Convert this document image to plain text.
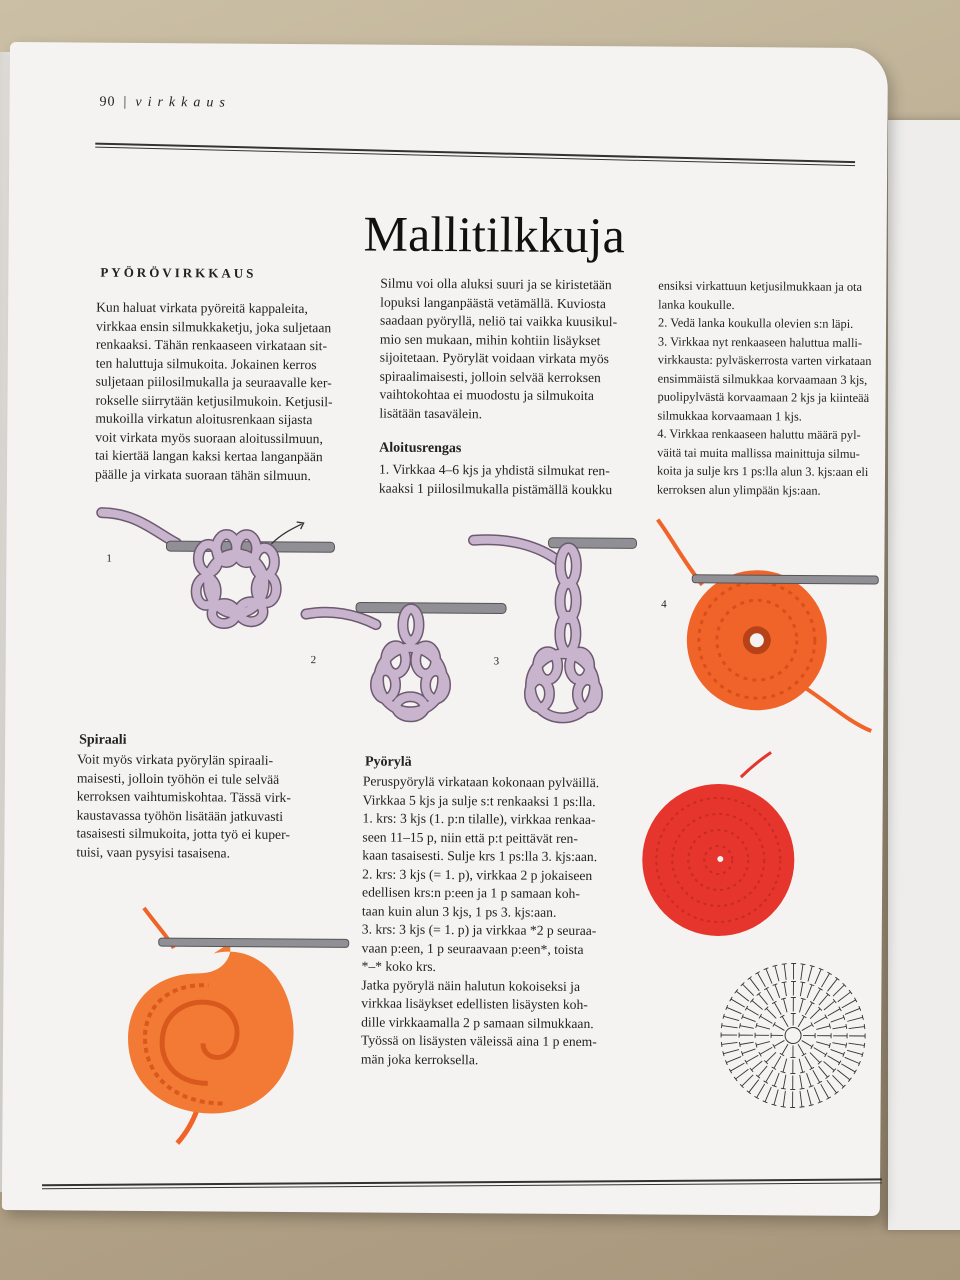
90 | virkkaus
Mallitilkkuja
PYÖRÖVIRKKAUS

Kun haluat virkata pyöreitä kappaleita,

virkkaa ensin silmukkaketju, joka suljetaan

renkaaksi. Tähän renkaaseen virkataan sit-

ten haluttuja silmukoita. Jokainen kerros

suljetaan piilosilmukalla ja seuraavalle ker-

rokselle siirrytään ketjusilmukoin. Ketjusil-

mukoilla virkatun aloitusrenkaan sijasta

voit virkata myös suoraan aloitussilmuun,

tai kiertää langan kaksi kertaa langanpään

päälle ja virkata suoraan tähän silmuun.

Silmu voi olla aluksi suuri ja se kiristetään

lopuksi langanpäästä vetämällä. Kuviosta

saadaan pyöryllä, neliö tai vaikka kuusikul-

mio sen mukaan, mihin kohtiin lisäykset

sijoitetaan. Pyörylät voidaan virkata myös

spiraalimaisesti, jolloin selvää kerroksen

vaihtokohtaa ei muodostu ja silmukoita

lisätään tasavälein.

Aloitusrengas

1. Virkkaa 4–6 kjs ja yhdistä silmukat ren-

kaaksi 1 piilosilmukalla pistämällä koukku

ensiksi virkattuun ketjusilmukkaan ja ota

lanka koukulle.

2. Vedä lanka koukulla olevien s:n läpi.

3. Virkkaa nyt renkaaseen haluttua malli-

virkkausta: pylväskerrosta varten virkataan

ensimmäistä silmukkaa korvaamaan 3 kjs,

puolipylvästä korvaamaan 2 kjs ja kiinteää

silmukkaa korvaamaan 1 kjs.

4. Virkkaa renkaaseen haluttu määrä pyl-

väitä tai muita mallissa mainittuja silmu-

koita ja sulje krs 1 ps:lla alun 3. kjs:aan eli

kerroksen alun ylimpään kjs:aan.

1
2	3
4
Spiraali

Voit myös virkata pyörylän spiraali-

maisesti, jolloin työhön ei tule selvää

kerroksen vaihtumiskohtaa. Tässä virk-

kaustavassa työhön lisätään jatkuvasti

tasaisesti silmukoita, jotta työ ei kuper-

tuisi, vaan pysyisi tasaisena.

Pyörylä

Peruspyörylä virkataan kokonaan pylväillä.

Virkkaa 5 kjs ja sulje s:t renkaaksi 1 ps:lla.

1. krs: 3 kjs (1. p:n tilalle), virkkaa renkaa-

seen 11–15 p, niin että p:t peittävät ren-

kaan tasaisesti. Sulje krs 1 ps:lla 3. kjs:aan.

2. krs: 3 kjs (= 1. p), virkkaa 2 p jokaiseen

edellisen krs:n p:een ja 1 p samaan koh-

taan kuin alun 3 kjs, 1 ps 3. kjs:aan.

3. krs: 3 kjs (= 1. p) ja virkkaa *2 p seuraa-

vaan p:een, 1 p seuraavaan p:een*, toista

*–* koko krs.

Jatka pyörylä näin halutun kokoiseksi ja

virkkaa lisäykset edellisten lisäysten koh-

dille virkkaamalla 2 p samaan silmukkaan.

Työssä on lisäysten väleissä aina 1 p enem-

män joka kerroksella.
